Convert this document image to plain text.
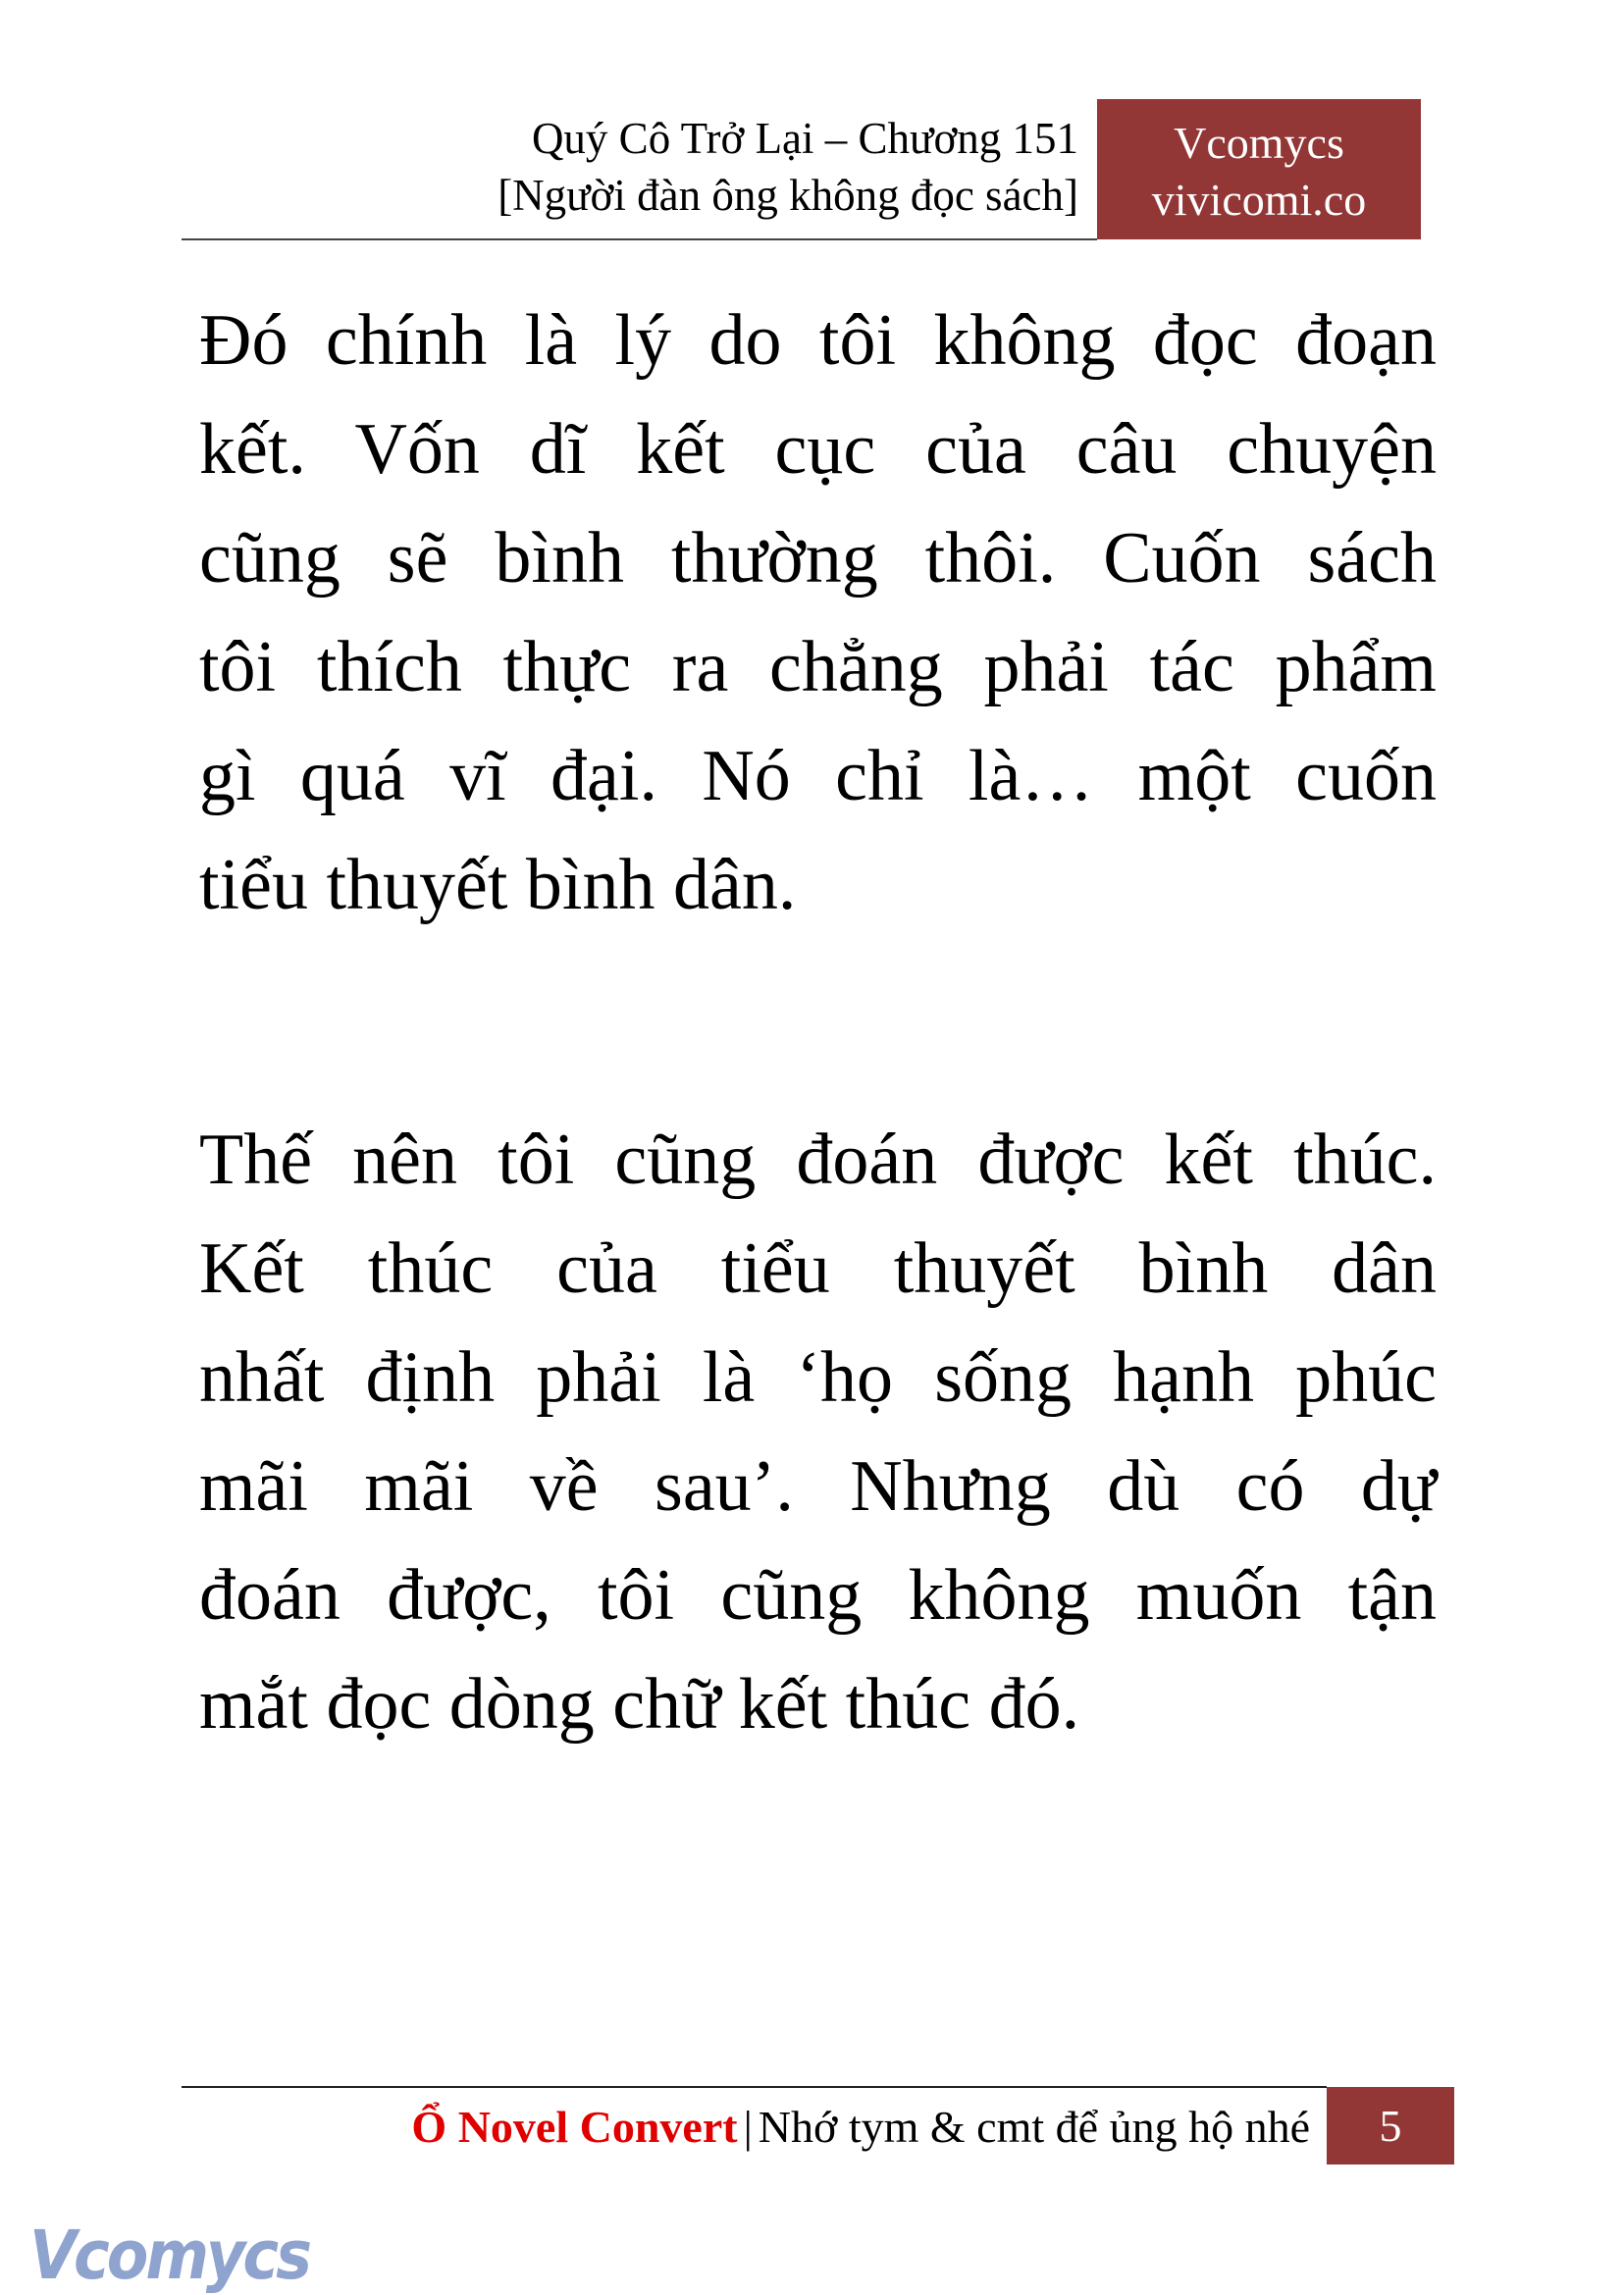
Quý Cô Trở Lại – Chương 151
[Người đàn ông không đọc sách]
Vcomycs
vivicomi.co
Đó chính là lý do tôi không đọc đoạn
kết. Vốn dĩ kết cục của câu chuyện
cũng sẽ bình thường thôi. Cuốn sách
tôi thích thực ra chẳng phải tác phẩm
gì quá vĩ đại. Nó chỉ là… một cuốn
tiểu thuyết bình dân.
Thế nên tôi cũng đoán được kết thúc.
Kết thúc của tiểu thuyết bình dân
nhất định phải là ‘họ sống hạnh phúc
mãi mãi về sau’. Nhưng dù có dự
đoán được, tôi cũng không muốn tận
mắt đọc dòng chữ kết thúc đó.
Ổ Novel Convert | Nhớ tym & cmt để ủng hộ nhé	5
Vcomycs
